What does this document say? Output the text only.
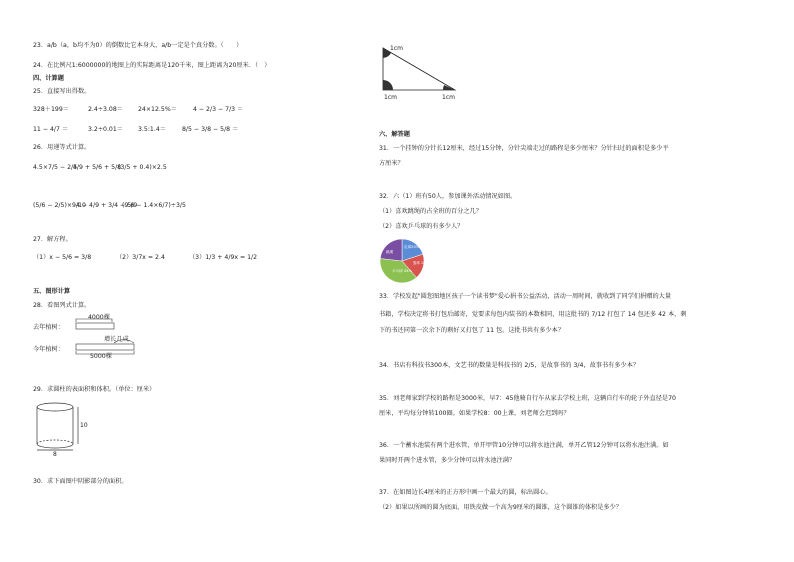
23．a/b（a，b均不为0）的倒数比它本身大，a/b一定是个真分数。（　　）
24．在比例尺1:6000000的地图上的实际距离是120千米，图上距离为20厘米．（　）
四、计算题
25．直接写出得数。
328＋199＝	2.4÷3.08＝ 24×12.5%＝	4 − 2/3 − 7/3 ＝
11 − 4/7 ＝	3.2÷0.01＝ 3.5:1.4＝	8/5 − 3/8 − 5/8 ＝
26．用递等式计算。
4.5×7/5 − 2/5
4/9 + 5/6 + 5/8
(3/5 + 0.4)×2.5
(5/6 − 2/5)×9/10
4 − 4/9 + 3/4 − 5/9
(9.6 − 1.4×6/7)÷3/5
27．解方程。
（1）x − 5/6 = 3/8	（2）3/7x = 2.4	（3）1/3 + 4/9x = 1/2
五、图形计算
28．看图列式计算。
去年植树：
今年植树：
4000棵
增长几成
5000棵
29．求圆柱的表面积和体积。（单位：厘米）
10
8
30．求下面图中阴影部分的面积。
1cm
1cm	1cm
六、解答题
31．一个挂钟的分针长12厘米，经过15分钟，分针尖端走过的路程是多少厘米？分针扫过的面积是多少平
方厘米？
32．六（1）班有50人，参加课外活动情况如图。
（1）喜欢跳绳的占全班的百分之几？
（2）喜欢乒乓球的有多少人？
足球20%
跳绳
篮球 18%
乒乓球 44%
33．学校发起"圆您图地区孩子一个读书梦"爱心捐书公益活动，活动一周时间，就收到了同学们捐赠的大量
书籍，学校决定将书打包后邮寄，觉要求每包内装书的本数相同，用这批书的 7/12 打包了 14 包还多 42 本，剩
下的书还同第一次余下的剩好又打包了 11 包。这批书共有多少本？
34．书店有科技书300本，文艺书的数量是科技书的 2/5，是故事书的 3/4，故事书有多少本？
35．刘老师家到学校的路程是3000米，早7：45他骑自行车从家去学校上班，这辆自行车的轮子外直径是70
厘米，平均每分钟转100圈。如果学校8：00上课，刘老师会迟到吗？
36．一个蓄水池装有两个进水管，单开甲管10分钟可以将水池注满，单开乙管12分钟可以将水池注满。如
果同时开两个进水管，多少分钟可以将水池注满？
37．在如图边长4厘米的正方形中画一个最大的圆，标出圆心。
（2）如果以所画的圆为底面，用铁皮做一个高为9厘米的圆锥，这个圆锥的体积是多少？
